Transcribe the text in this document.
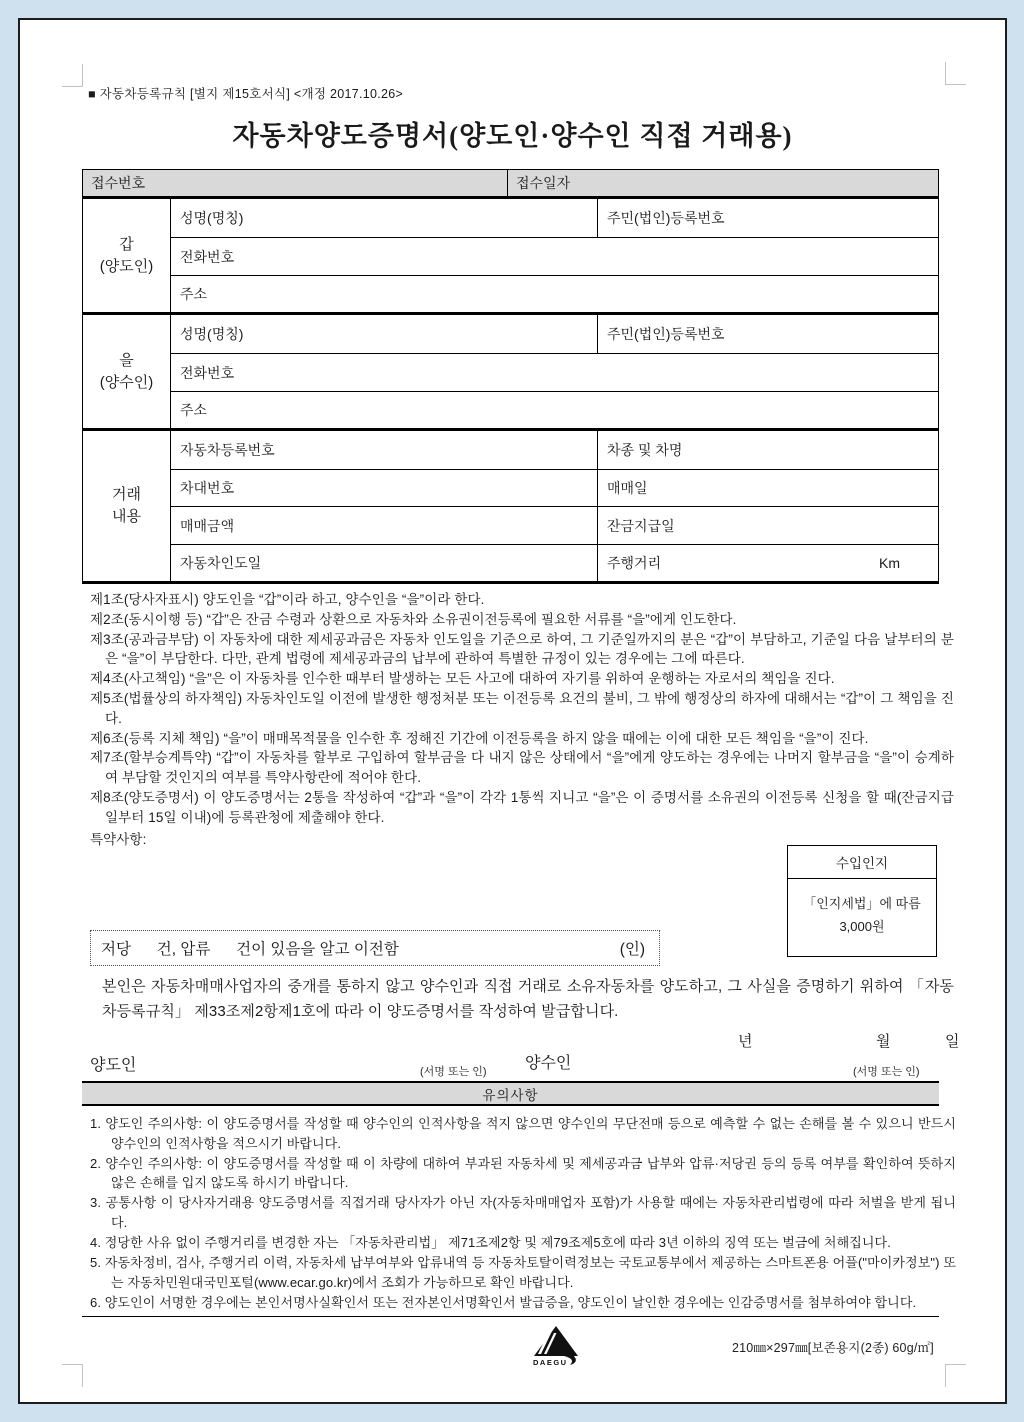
■ 자동차등록규칙 [별지 제15호서식] <개정 2017.10.26>
자동차양도증명서(양도인·양수인 직접 거래용)
접수번호	접수일자
갑
(양도인)
성명(명칭)	주민(법인)등록번호
전화번호
주소
을
(양수인)
성명(명칭)	주민(법인)등록번호
전화번호
주소
거래
내용
자동차등록번호	차종 및 차명
차대번호	매매일
매매금액	잔금지급일
자동차인도일	주행거리	Km

제1조(당사자표시) 양도인을 “갑”이라 하고, 양수인을 “을”이라 한다.

제2조(동시이행 등) “갑”은 잔금 수령과 상환으로 자동차와 소유권이전등록에 필요한 서류를 “을”에게 인도한다.

제3조(공과금부담) 이 자동차에 대한 제세공과금은 자동차 인도일을 기준으로 하여, 그 기준일까지의 분은 “갑”이 부담하고, 기준일 다음 날부터의 분은 “을”이 부담한다. 다만, 관계 법령에 제세공과금의 납부에 관하여 특별한 규정이 있는 경우에는 그에 따른다.

제4조(사고책임) “을”은 이 자동차를 인수한 때부터 발생하는 모든 사고에 대하여 자기를 위하여 운행하는 자로서의 책임을 진다.

제5조(법률상의 하자책임) 자동차인도일 이전에 발생한 행정처분 또는 이전등록 요건의 불비, 그 밖에 행정상의 하자에 대해서는 “갑”이 그 책임을 진다.

제6조(등록 지체 책임) “을”이 매매목적물을 인수한 후 정해진 기간에 이전등록을 하지 않을 때에는 이에 대한 모든 책임을 “을”이 진다.

제7조(할부승계특약) “갑”이 자동차를 할부로 구입하여 할부금을 다 내지 않은 상태에서 “을”에게 양도하는 경우에는 나머지 할부금을 “을”이 승계하여 부담할 것인지의 여부를 특약사항란에 적어야 한다.

제8조(양도증명서) 이 양도증명서는 2통을 작성하여 “갑”과 “을”이 각각 1통씩 지니고 “을”은 이 증명서를 소유권의 이전등록 신청을 할 때(잔금지급일부터 15일 이내)에 등록관청에 제출해야 한다.

특약사항:

수입인지
「인지세법」에 따름
3,000원
저당      건, 압류      건이 있음을 알고 이전함	(인)
본인은 자동차매매사업자의 중개를 통하지 않고 양수인과 직접 거래로 소유자동차를 양도하고, 그 사실을 증명하기 위하여 「자동차등록규칙」 제33조제2항제1호에 따라 이 양도증명서를 작성하여 발급합니다.
년	월	일
양도인	(서명 또는 인) 양수인	(서명 또는 인)
유의사항

1. 양도인 주의사항: 이 양도증명서를 작성할 때 양수인의 인적사항을 적지 않으면 양수인의 무단전매 등으로 예측할 수 없는 손해를 볼 수 있으니 반드시 양수인의 인적사항을 적으시기 바랍니다.

2. 양수인 주의사항: 이 양도증명서를 작성할 때 이 차량에 대하여 부과된 자동차세 및 제세공과금 납부와 압류·저당권 등의 등록 여부를 확인하여 뜻하지 않은 손해를 입지 않도록 하시기 바랍니다.

3. 공통사항 이 당사자거래용 양도증명서를 직접거래 당사자가 아닌 자(자동차매매업자 포함)가 사용할 때에는 자동차관리법령에 따라 처벌을 받게 됩니다.

4. 정당한 사유 없이 주행거리를 변경한 자는 「자동차관리법」 제71조제2항 및 제79조제5호에 따라 3년 이하의 징역 또는 벌금에 처해집니다.

5. 자동차정비, 검사, 주행거리 이력, 자동차세 납부여부와 압류내역 등 자동차토탈이력정보는 국토교통부에서 제공하는 스마트폰용 어플("마이카정보") 또는 자동차민원대국민포털(www.ecar.go.kr)에서 조회가 가능하므로 확인 바랍니다.

6. 양도인이 서명한 경우에는 본인서명사실확인서 또는 전자본인서명확인서 발급증을, 양도인이 날인한 경우에는 인감증명서를 첨부하여야 합니다.

DAEGU
210㎜×297㎜[보존용지(2종) 60g/㎡]
